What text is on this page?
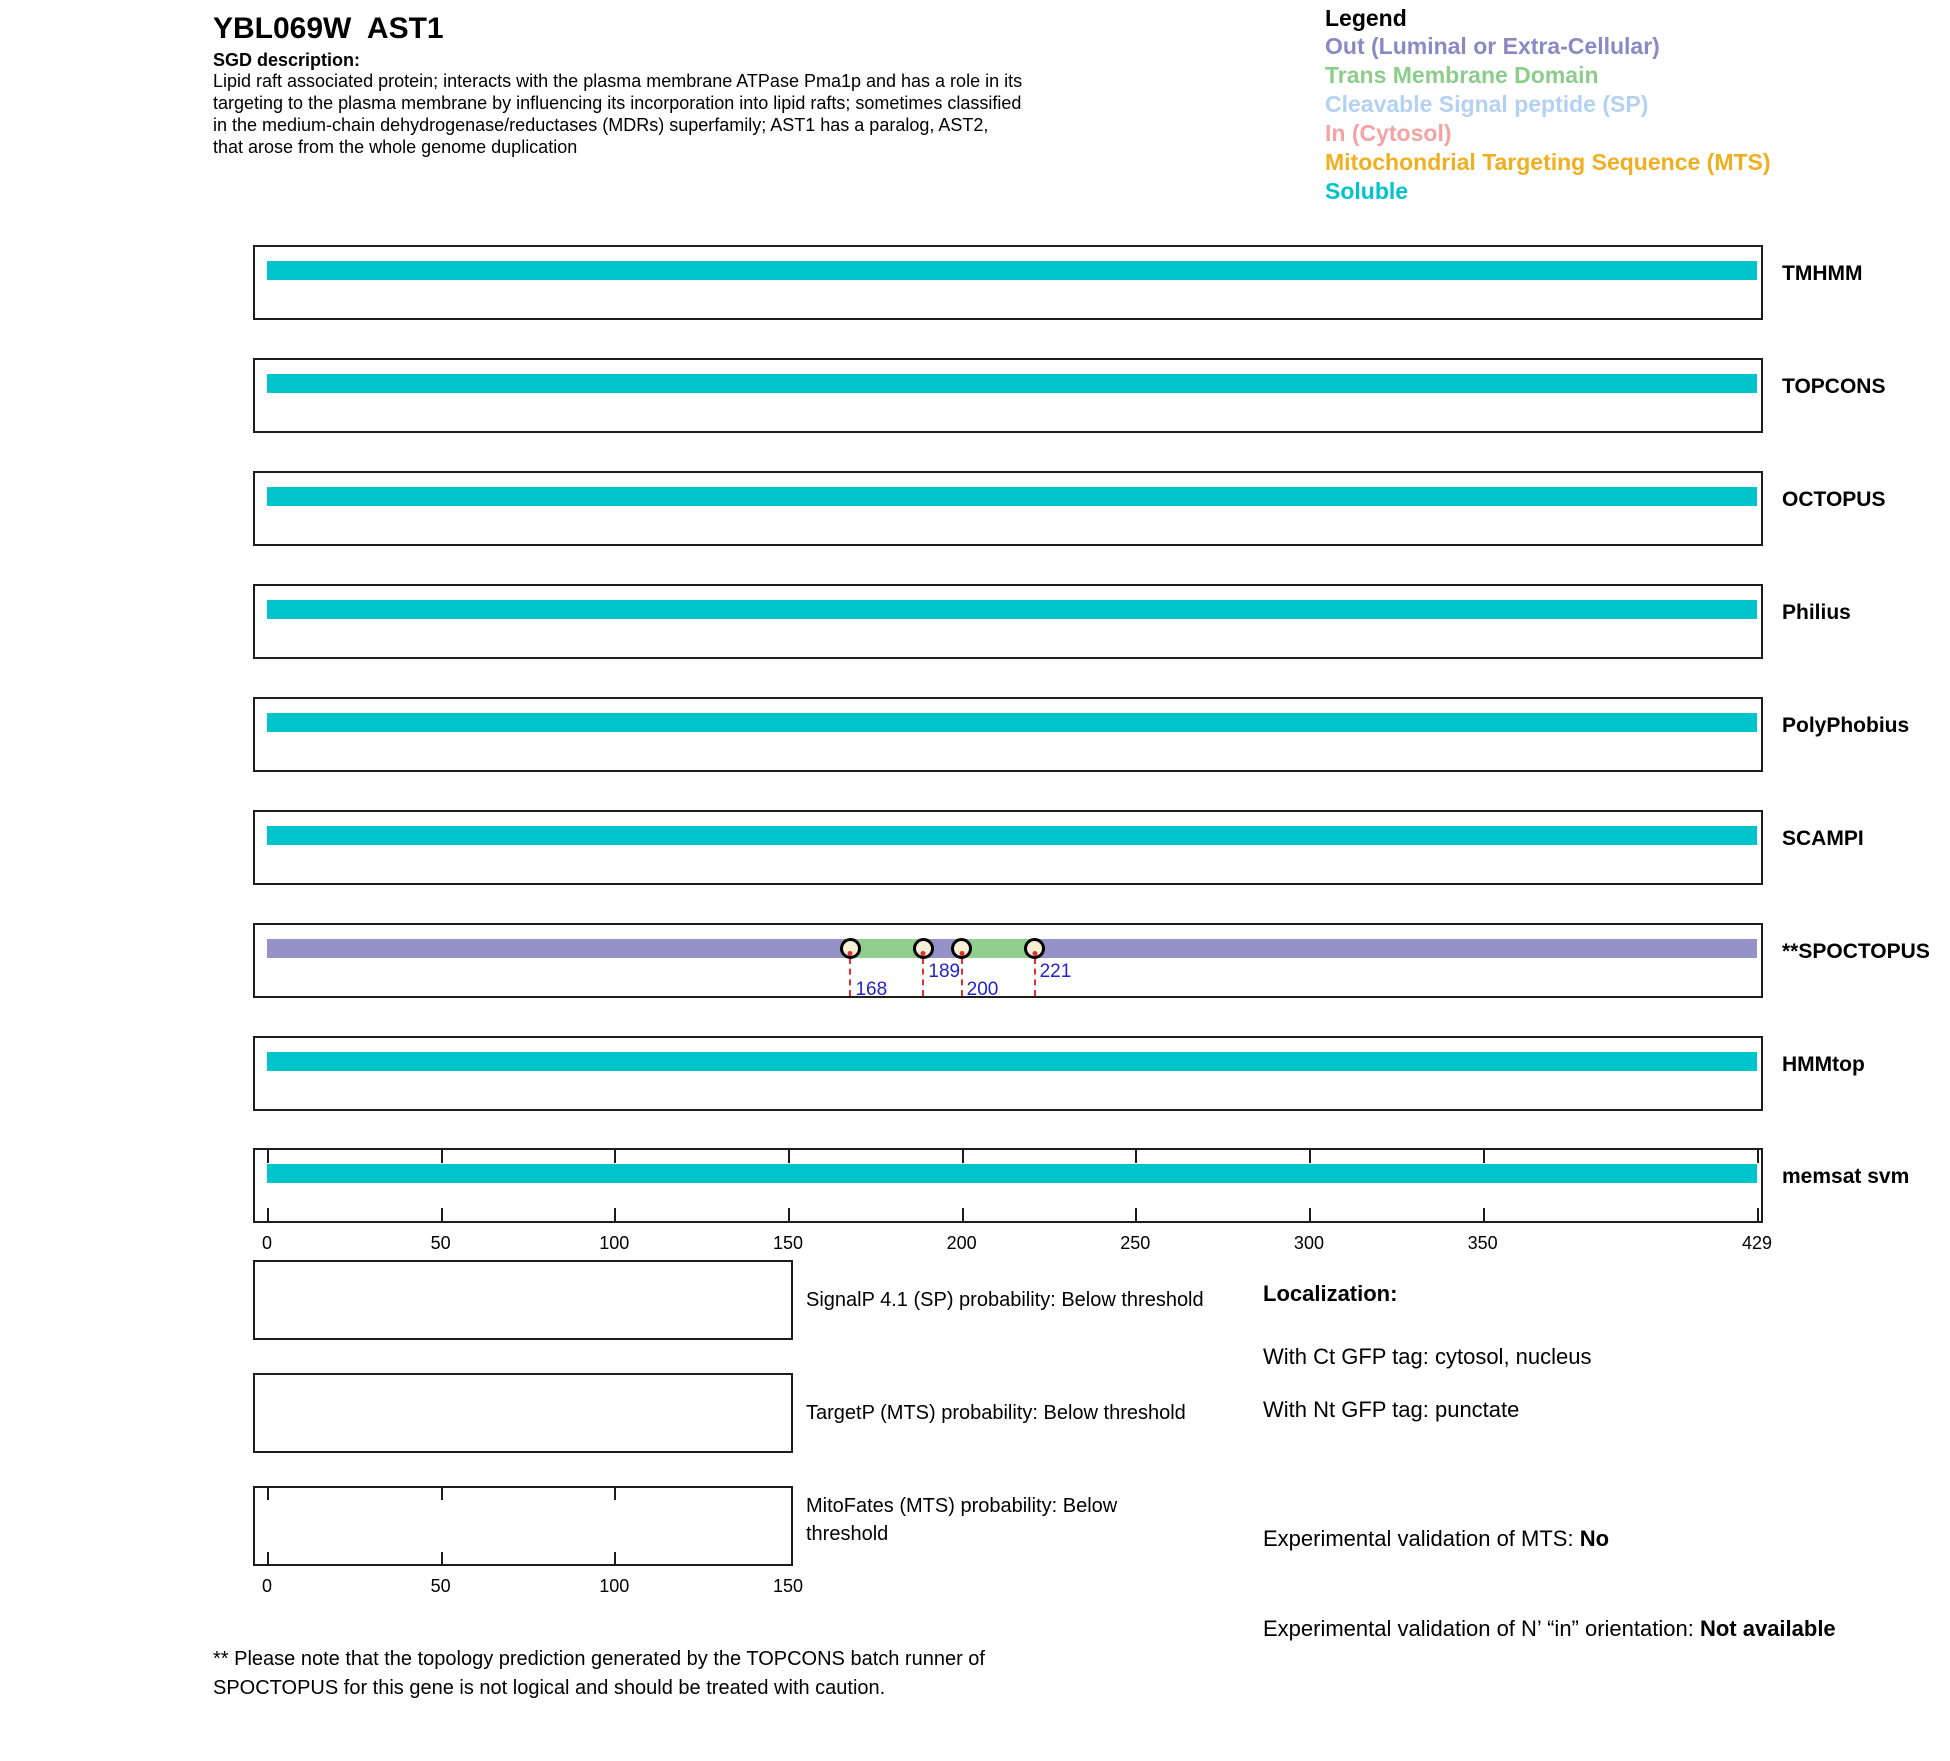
YBL069W  AST1
SGD description:
Lipid raft associated protein; interacts with the plasma membrane ATPase Pma1p and has a role in its targeting to the plasma membrane by influencing its incorporation into lipid rafts; sometimes classified in the medium-chain dehydrogenase/reductases (MDRs) superfamily; AST1 has a paralog, AST2, that arose from the whole genome duplication
Legend
Out (Luminal or Extra-Cellular)
Trans Membrane Domain
Cleavable Signal peptide (SP)
In (Cytosol)
Mitochondrial Targeting Sequence (MTS)
Soluble
TMHMM
TOPCONS
OCTOPUS
Philius
PolyPhobius
SCAMPI
168
189
200
221
**SPOCTOPUS
HMMtop
memsat svm
0	50	100	150	200	250	300	350	429
SignalP 4.1 (SP) probability: Below threshold
TargetP (MTS) probability: Below threshold
0	50	100	150
MitoFates (MTS) probability: Below threshold
Localization:
With Ct GFP tag: cytosol, nucleus
With Nt GFP tag: punctate
Experimental validation of MTS: No
Experimental validation of N’ “in” orientation: Not available
** Please note that the topology prediction generated by the TOPCONS batch runner of SPOCTOPUS for this gene is not logical and should be treated with caution.
